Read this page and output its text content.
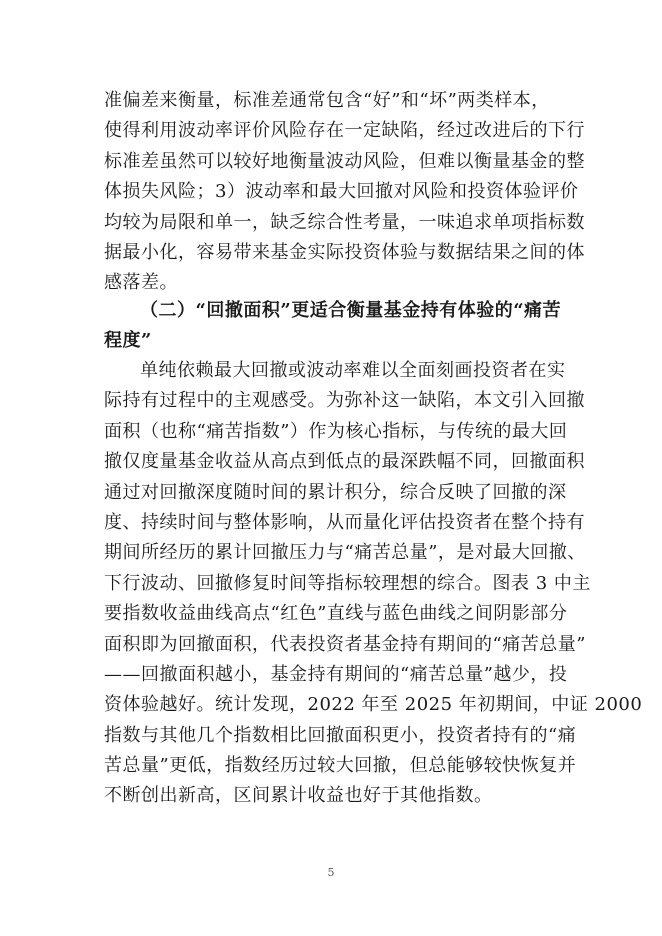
准偏差来衡量，标准差通常包含“好”和“坏”两类样本，
使得利用波动率评价风险存在一定缺陷，经过改进后的下行
标准差虽然可以较好地衡量波动风险，但难以衡量基金的整
体损失风险；3）波动率和最大回撤对风险和投资体验评价
均较为局限和单一，缺乏综合性考量，一味追求单项指标数
据最小化，容易带来基金实际投资体验与数据结果之间的体
感落差。
（二）“回撤面积”更适合衡量基金持有体验的“痛苦
程度”
单纯依赖最大回撤或波动率难以全面刻画投资者在实
际持有过程中的主观感受。为弥补这一缺陷，本文引入回撤
面积（也称“痛苦指数”）作为核心指标，与传统的最大回
撤仅度量基金收益从高点到低点的最深跌幅不同，回撤面积
通过对回撤深度随时间的累计积分，综合反映了回撤的深
度、持续时间与整体影响，从而量化评估投资者在整个持有
期间所经历的累计回撤压力与“痛苦总量”，是对最大回撤、
下行波动、回撤修复时间等指标较理想的综合。图表 3 中主
要指数收益曲线高点“红色”直线与蓝色曲线之间阴影部分
面积即为回撤面积，代表投资者基金持有期间的“痛苦总量”
——回撤面积越小，基金持有期间的“痛苦总量”越少，投
资体验越好。统计发现，2022 年至 2025 年初期间，中证 2000
指数与其他几个指数相比回撤面积更小，投资者持有的“痛
苦总量”更低，指数经历过较大回撤，但总能够较快恢复并
不断创出新高，区间累计收益也好于其他指数。
5
